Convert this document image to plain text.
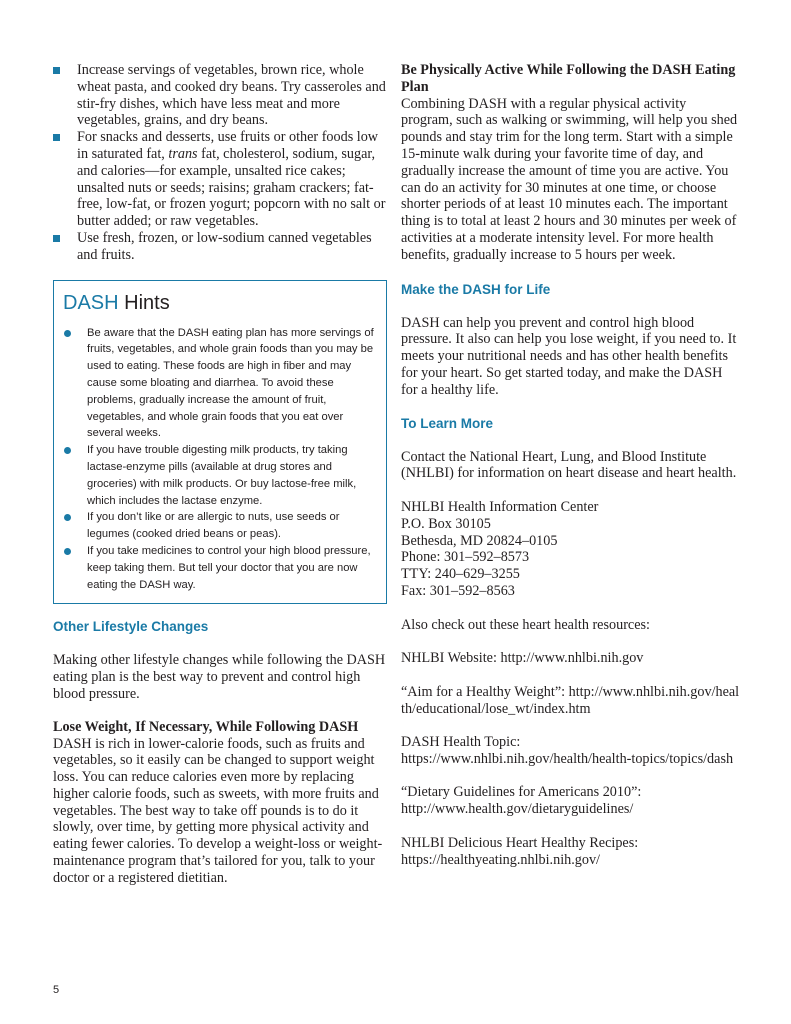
Increase servings of vegetables, brown rice, whole wheat pasta, and cooked dry beans. Try casseroles and stir-fry dishes, which have less meat and more vegetables, grains, and dry beans.
For snacks and desserts, use fruits or other foods low in saturated fat, trans fat, cholesterol, sodium, sugar, and calories—for example, unsalted rice cakes; unsalted nuts or seeds; raisins; graham crackers; fat-free, low-fat, or frozen yogurt; popcorn with no salt or butter added; or raw vegetables.
Use fresh, frozen, or low-sodium canned vegetables and fruits.
DASH Hints
Be aware that the DASH eating plan has more servings of fruits, vegetables, and whole grain foods than you may be used to eating. These foods are high in fiber and may cause some bloating and diarrhea. To avoid these problems, gradually increase the amount of fruit, vegetables, and whole grain foods that you eat over several weeks.
If you have trouble digesting milk products, try taking lactase-enzyme pills (available at drug stores and groceries) with milk products. Or buy lactose-free milk, which includes the lactase enzyme.
If you don’t like or are allergic to nuts, use seeds or legumes (cooked dried beans or peas).
If you take medicines to control your high blood pressure, keep taking them. But tell your doctor that you are now eating the DASH way.
Other Lifestyle Changes

Making other lifestyle changes while following the DASH eating plan is the best way to prevent and control high blood pressure.

Lose Weight, If Necessary, While Following DASH

DASH is rich in lower-calorie foods, such as fruits and vegetables, so it easily can be changed to support weight loss. You can reduce calories even more by replacing higher calorie foods, such as sweets, with more fruits and vegetables. The best way to take off pounds is to do it slowly, over time, by getting more physical activity and eating fewer calories. To develop a weight-loss or weight-maintenance program that’s tailored for you, talk to your doctor or a registered dietitian.

Be Physically Active While Following the DASH Eating Plan

Combining DASH with a regular physical activity program, such as walking or swimming, will help you shed pounds and stay trim for the long term. Start with a simple 15-minute walk during your favorite time of day, and gradually increase the amount of time you are active. You can do an activity for 30 minutes at one time, or choose shorter periods of at least 10 minutes each. The important thing is to total at least 2 hours and 30 minutes per week of activities at a moderate intensity level. For more health benefits, gradually increase to 5 hours per week.

Make the DASH for Life

DASH can help you prevent and control high blood pressure. It also can help you lose weight, if you need to. It meets your nutritional needs and has other health benefits for your heart. So get started today, and make the DASH for a healthy life.

To Learn More

Contact the National Heart, Lung, and Blood Institute (NHLBI) for information on heart disease and heart health.

NHLBI Health Information Center
P.O. Box 30105
Bethesda, MD 20824–0105
Phone: 301–592–8573
TTY: 240–629–3255
Fax: 301–592–8563

Also check out these heart health resources:

NHLBI Website: http://www.nhlbi.nih.gov

“Aim for a Healthy Weight”: http://www.nhlbi.nih.gov/health/educational/lose_wt/index.htm

DASH Health Topic: https://www.nhlbi.nih.gov/health/health-topics/topics/dash

“Dietary Guidelines for Americans 2010”: http://www.health.gov/dietaryguidelines/

NHLBI Delicious Heart Healthy Recipes: https://healthyeating.nhlbi.nih.gov/

5
